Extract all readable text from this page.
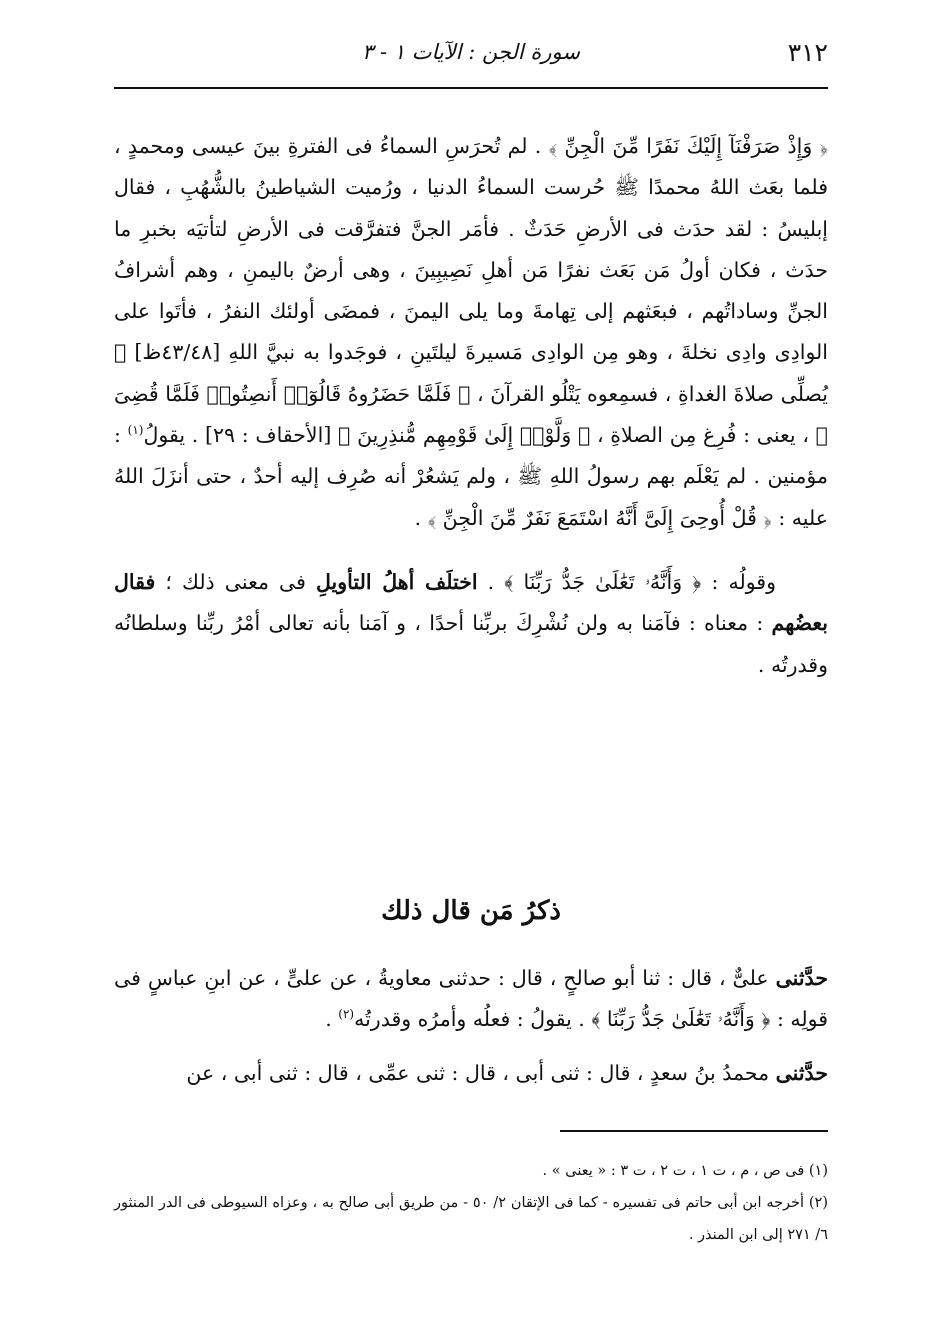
٣١٢
سورة الجن : الآيات ١ - ٣

﴿ وَإِذْ صَرَفْنَآ إِلَيْكَ نَفَرًا مِّنَ الْجِنِّ ﴾ . لم تُحرَسِ السماءُ فى الفترةِ بينَ عيسى ومحمدٍ ، فلما بعَث اللهُ محمدًا ﷺ حُرست السماءُ الدنيا ، ورُميت الشياطينُ بالشُّهُبِ ، فقال إبليسُ : لقد حدَث فى الأرضِ حَدَثٌ . فأمَر الجنَّ فتفرَّقت فى الأرضِ لتأتيَه بخبرِ ما حدَث ، فكان أولُ مَن بَعَث نفرًا مَن أهلِ نَصِيبِينَ ، وهى أرضٌ باليمنِ ، وهم أشرافُ الجنِّ وساداتُهم ، فبعَثهم إلى تِهامةَ وما يلى اليمنَ ، فمضَى أولئك النفرُ ، فأتَوا على الوادِى وادِى نخلةَ ، وهو مِن الوادِى مَسيرةَ ليلتَينِ ، فوجَدوا به نبيَّ اللهِ [٤٣/٤٨ظ] ﷺ يُصلِّى صلاةَ الغداةِ ، فسمِعوه يَتْلُو القرآنَ ، ﴿ فَلَمَّا حَضَرُوهُ قَالُوٓا۟ أَنصِتُوا۟ فَلَمَّا قُضِىَ ﴾ ، يعنى : فُرِغ مِن الصلاةِ ، ﴿ وَلَّوْا۟ إِلَىٰ قَوْمِهِم مُّنذِرِينَ ﴾ [الأحقاف : ٢٩] . يقولُ$^{(١)}$ : مؤمنين . لم يَعْلَم بهم رسولُ اللهِ ﷺ ، ولم يَشعُرْ أنه صُرِف إليه أحدٌ ، حتى أنزَلَ اللهُ عليه : ﴿ قُلْ أُوحِىَ إِلَىَّ أَنَّهُ اسْتَمَعَ نَفَرٌ مِّنَ الْجِنِّ ﴾ .

وقولُه : ﴿ وَأَنَّهُۥ تَعَٰلَىٰ جَدُّ رَبِّنَا ﴾ . اختلَف أهلُ التأويلِ فى معنى ذلك ؛ فقال بعضُهم : معناه : فآمَنا به ولن نُشْرِكَ بربِّنا أحدًا ، و آمَنا بأنه تعالى أمْرُ ربِّنا وسلطانُه وقدرتُه .

ذكرُ مَن قال ذلك

حدَّثنى علىٌّ ، قال : ثنا أبو صالحٍ ، قال : حدثنى معاويةُ ، عن علىٍّ ، عن ابنِ عباسٍ فى قولِه : ﴿ وَأَنَّهُۥ تَعَٰلَىٰ جَدُّ رَبِّنَا ﴾ . يقولُ : فعلُه وأمرُه وقدرتُه$^{(٢)}$ .

حدَّثنى محمدُ بنُ سعدٍ ، قال : ثنى أبى ، قال : ثنى عمِّى ، قال : ثنى أبى ، عن

(١) فى ص ، م ، ت ١ ، ت ٢ ، ت ٣ : « يعنى » .

(٢) أخرجه ابن أبى حاتم فى تفسيره - كما فى الإتقان ٢/ ٥٠ - من طريق أبى صالح به ، وعزاه السيوطى فى الدر المنثور ٦/ ٢٧١ إلى ابن المنذر .
